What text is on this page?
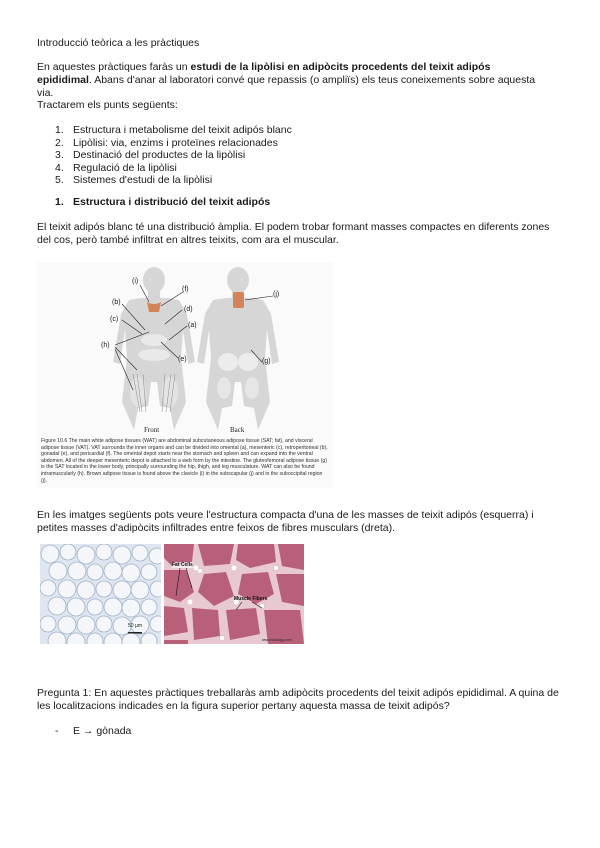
Introducció teòrica a les pràctiques

En aquestes pràctiques faràs un estudi de la lipòlisi en adipòcits procedents del teixit adipós epididimal. Abans d'anar al laboratori convé que repassis (o ampliïs) els teus coneixements sobre aquesta via.

Tractarem els punts següents:

1. Estructura i metabolisme del teixit adipós blanc
2. Lipòlisi: via, enzims i proteïnes relacionades
3. Destinació del productes de la lipòlisi
4. Regulació de la lipòlisi
5. Sistemes d'estudi de la lipòlisi

1. Estructura i distribució del teixit adipós

El teixit adipós blanc té una distribució àmplia. El podem trobar formant masses compactes en diferents zones del cos, però també infiltrat en altres teixits, com ara el muscular.

(i)
(f)
(b)
(d)
(c)
(a)
(h)
(e)
(j)
(g)
Front	Back

Figure 10.6 The main white adipose tissues (WAT) are abdominal subcutaneous adipose tissue (SAT; fat), and visceral adipose tissue (VAT). VAT surrounds the inner organs and can be divided into omental (a), mesenteric (c), retroperitoneal (b), gonadal (e), and pericardial (f). The omental depot starts near the stomach and spleen and can expand into the ventral abdomen. All of the deeper mesenteric depot is attached to a web form by the intestine. The gluteofemoral adipose tissue (g) is the SAT located in the lower body, principally surrounding the hip, thigh, and leg musculature. WAT can also be found intramuscularly (h). Brown adipose tissue is found above the clavicle (i) in the subscapular (j) and in the suboccipital region (j).

En les imatges següents pots veure l'estructura compacta d'una de les masses de teixit adipós (esquerra) i petites masses d'adipòcits infiltrades entre feixos de fibres musculars (dreta).

50 µm
Fat Cells
Muscle Fibers
www.histology.com

Pregunta 1: En aquestes pràctiques treballaràs amb adipòcits procedents del teixit adipós epididimal. A quina de les localitzacions indicades en la figura superior pertany aquesta massa de teixit adipós?

- E → gònada
